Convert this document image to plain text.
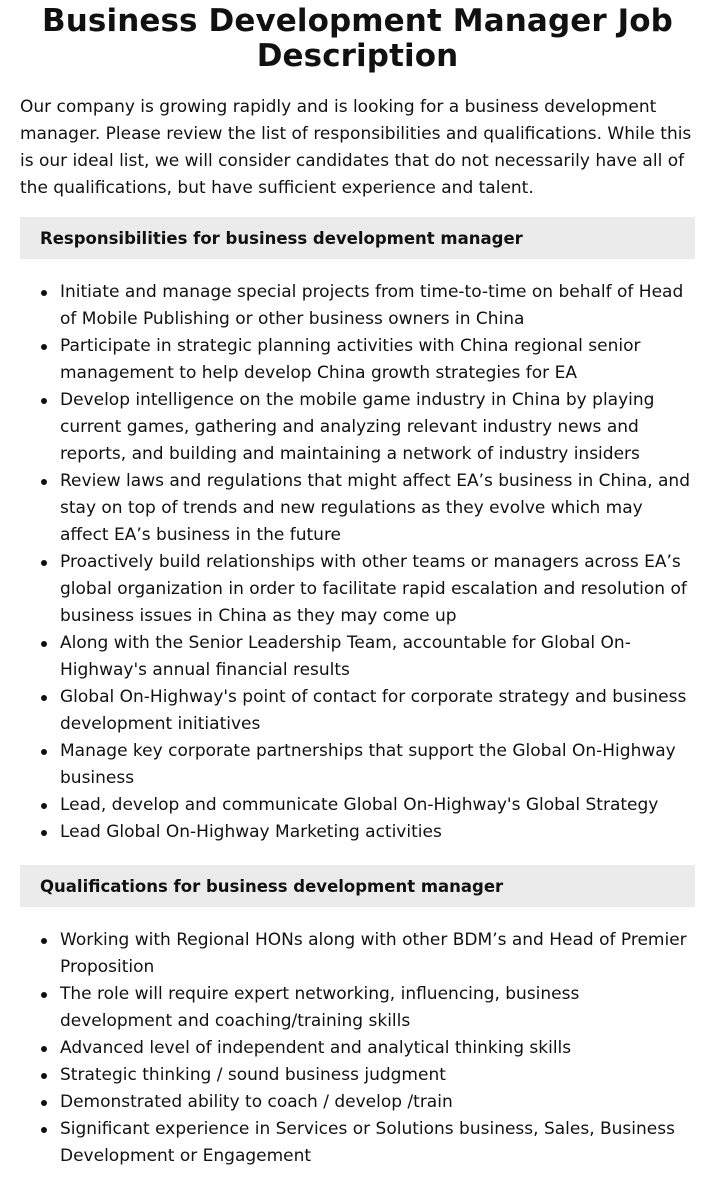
Business Development Manager Job Description

Our company is growing rapidly and is looking for a business development manager. Please review the list of responsibilities and qualifications. While this is our ideal list, we will consider candidates that do not necessarily have all of the qualifications, but have sufficient experience and talent.

Responsibilities for business development manager
Initiate and manage special projects from time-to-time on behalf of Head of Mobile Publishing or other business owners in China
Participate in strategic planning activities with China regional senior management to help develop China growth strategies for EA
Develop intelligence on the mobile game industry in China by playing current games, gathering and analyzing relevant industry news and reports, and building and maintaining a network of industry insiders
Review laws and regulations that might affect EA’s business in China, and stay on top of trends and new regulations as they evolve which may affect EA’s business in the future
Proactively build relationships with other teams or managers across EA’s global organization in order to facilitate rapid escalation and resolution of business issues in China as they may come up
Along with the Senior Leadership Team, accountable for Global On-Highway's annual financial results
Global On-Highway's point of contact for corporate strategy and business development initiatives
Manage key corporate partnerships that support the Global On-Highway business
Lead, develop and communicate Global On-Highway's Global Strategy
Lead Global On-Highway Marketing activities
Qualifications for business development manager
Working with Regional HONs along with other BDM’s and Head of Premier Proposition
The role will require expert networking, influencing, business development and coaching/training skills
Advanced level of independent and analytical thinking skills
Strategic thinking / sound business judgment
Demonstrated ability to coach / develop /train
Significant experience in Services or Solutions business, Sales, Business Development or Engagement
